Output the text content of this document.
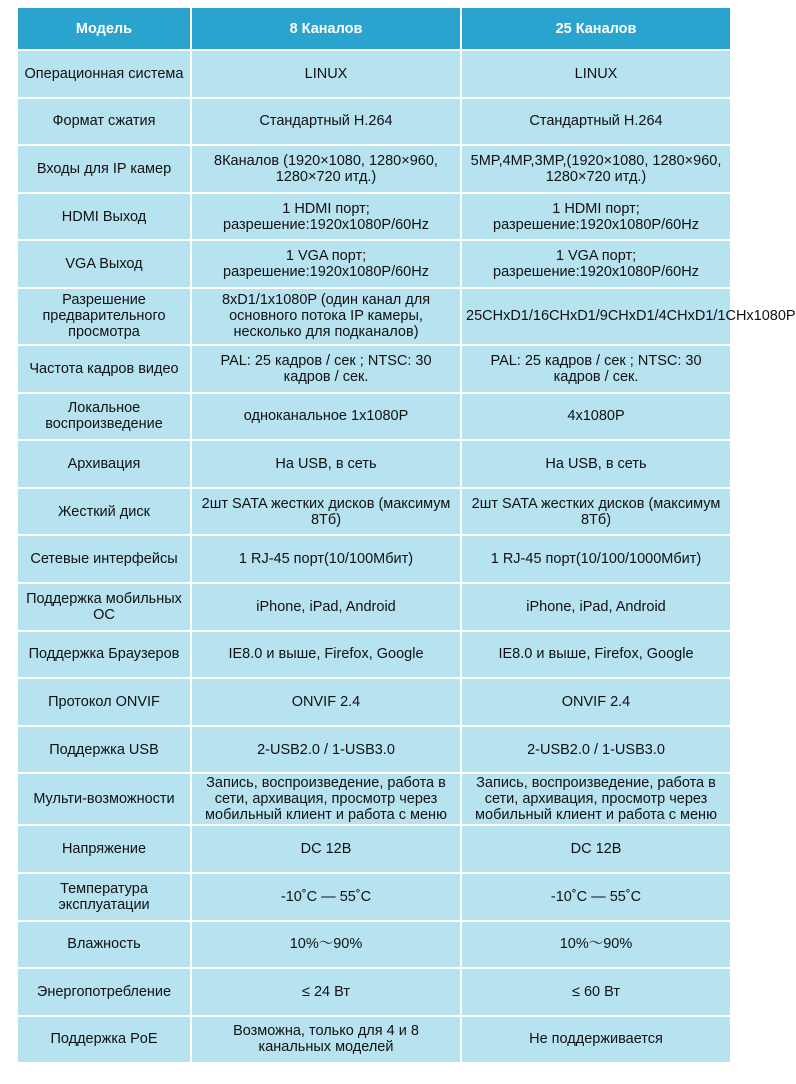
Модель	8 Каналов	25 Каналов
Операционная система	LINUX	LINUX
Формат сжатия	Стандартный H.264	Стандартный H.264
Входы для IP камер	8Каналов (1920×1080, 1280×960, 1280×720 итд.)	5MP,4MP,3MP,(1920×1080, 1280×960, 1280×720 итд.)
HDMI Выход	1 HDMI порт; разрешение:1920x1080P/60Hz	1 HDMI порт; разрешение:1920x1080P/60Hz
VGA Выход	1 VGA порт; разрешение:1920x1080P/60Hz	1 VGA порт; разрешение:1920x1080P/60Hz
Разрешение предварительного просмотра	8xD1/1x1080P (один канал для основного потока IP камеры, несколько для подканалов)	25CHxD1/16CHxD1/9CHxD1/4CHxD1/1CHx1080P
Частота кадров видео	PAL: 25 кадров / сек ; NTSC: 30 кадров / сек.	PAL: 25 кадров / сек ; NTSC: 30 кадров / сек.
Локальное воспроизведение	одноканальное 1x1080P	4x1080P
Архивация	На USB, в сеть	На USB, в сеть
Жесткий диск	2шт SATA жестких дисков (максимум 8Тб)	2шт SATA жестких дисков (максимум 8Тб)
Сетевые интерфейсы	1 RJ-45 порт(10/100Мбит)	1 RJ-45 порт(10/100/1000Мбит)
Поддержка мобильных ОС	iPhone, iPad, Android	iPhone, iPad, Android
Поддержка Браузеров	IE8.0 и выше, Firefox, Google	IE8.0 и выше, Firefox, Google
Протокол ONVIF	ONVIF 2.4	ONVIF 2.4
Поддержка USB	2-USB2.0 / 1-USB3.0	2-USB2.0 / 1-USB3.0
Мульти-возможности	Запись, воспроизведение, работа в сети, архивация, просмотр через мобильный клиент и работа с меню	Запись, воспроизведение, работа в сети, архивация, просмотр через мобильный клиент и работа с меню
Напряжение	DC 12В	DC 12В
Температура эксплуатации	-10˚C — 55˚C	-10˚C — 55˚C
Влажность	10%～90%	10%～90%
Энергопотребление	≤ 24 Вт	≤ 60 Вт
Поддержка PoE	Возможна, только для 4 и 8 канальных моделей	Не поддерживается
